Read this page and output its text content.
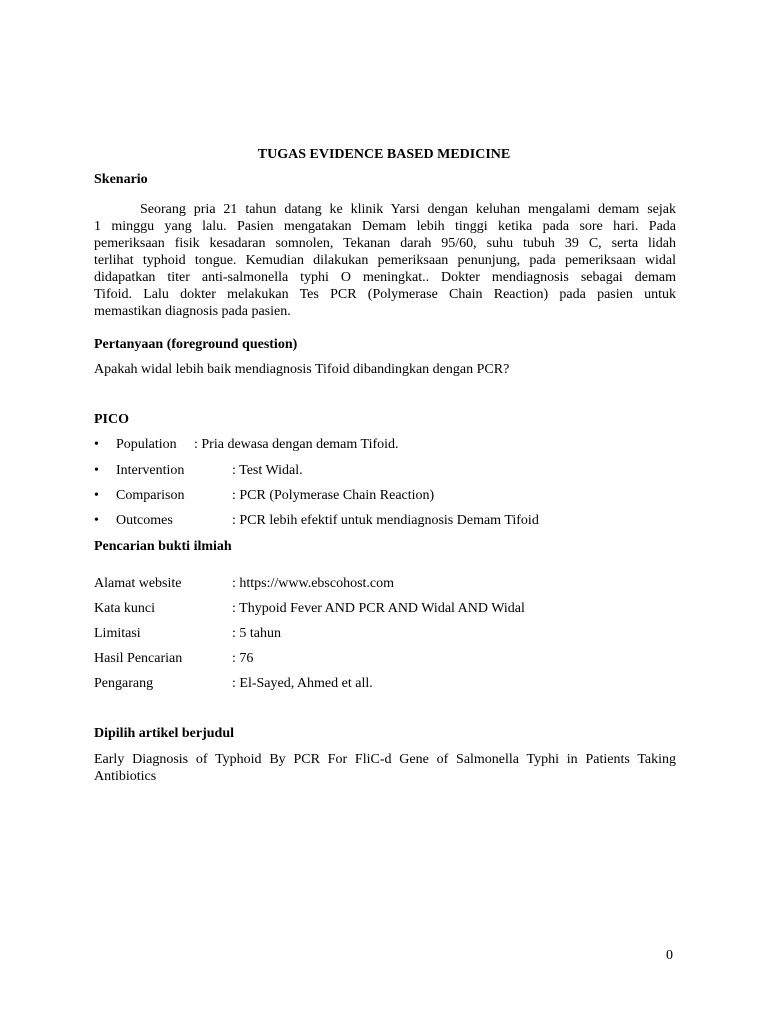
TUGAS EVIDENCE BASED MEDICINE
Skenario
Seorang pria 21 tahun datang ke klinik Yarsi dengan keluhan mengalami demam sejak
1 minggu yang lalu. Pasien mengatakan Demam lebih tinggi ketika pada sore hari. Pada
pemeriksaan fisik kesadaran somnolen, Tekanan darah 95/60, suhu tubuh 39 C, serta lidah
terlihat typhoid tongue. Kemudian dilakukan pemeriksaan penunjung, pada pemeriksaan widal
didapatkan titer anti-salmonella typhi O meningkat.. Dokter mendiagnosis sebagai demam
Tifoid. Lalu dokter melakukan Tes PCR (Polymerase Chain Reaction) pada pasien untuk
memastikan diagnosis pada pasien.
Pertanyaan (foreground question)
Apakah widal lebih baik mendiagnosis Tifoid dibandingkan dengan PCR?
PICO
• Population : Pria dewasa dengan demam Tifoid.
• Intervention	: Test Widal.
• Comparison	: PCR (Polymerase Chain Reaction)
• Outcomes	: PCR lebih efektif untuk mendiagnosis Demam Tifoid
Pencarian bukti ilmiah
Alamat website	: https://www.ebscohost.com
Kata kunci	: Thypoid Fever AND PCR AND Widal AND Widal
Limitasi	: 5 tahun
Hasil Pencarian	: 76
Pengarang	: El-Sayed, Ahmed et all.
Dipilih artikel berjudul
Early Diagnosis of Typhoid By PCR For FliC-d Gene of Salmonella Typhi in Patients Taking
Antibiotics
0
